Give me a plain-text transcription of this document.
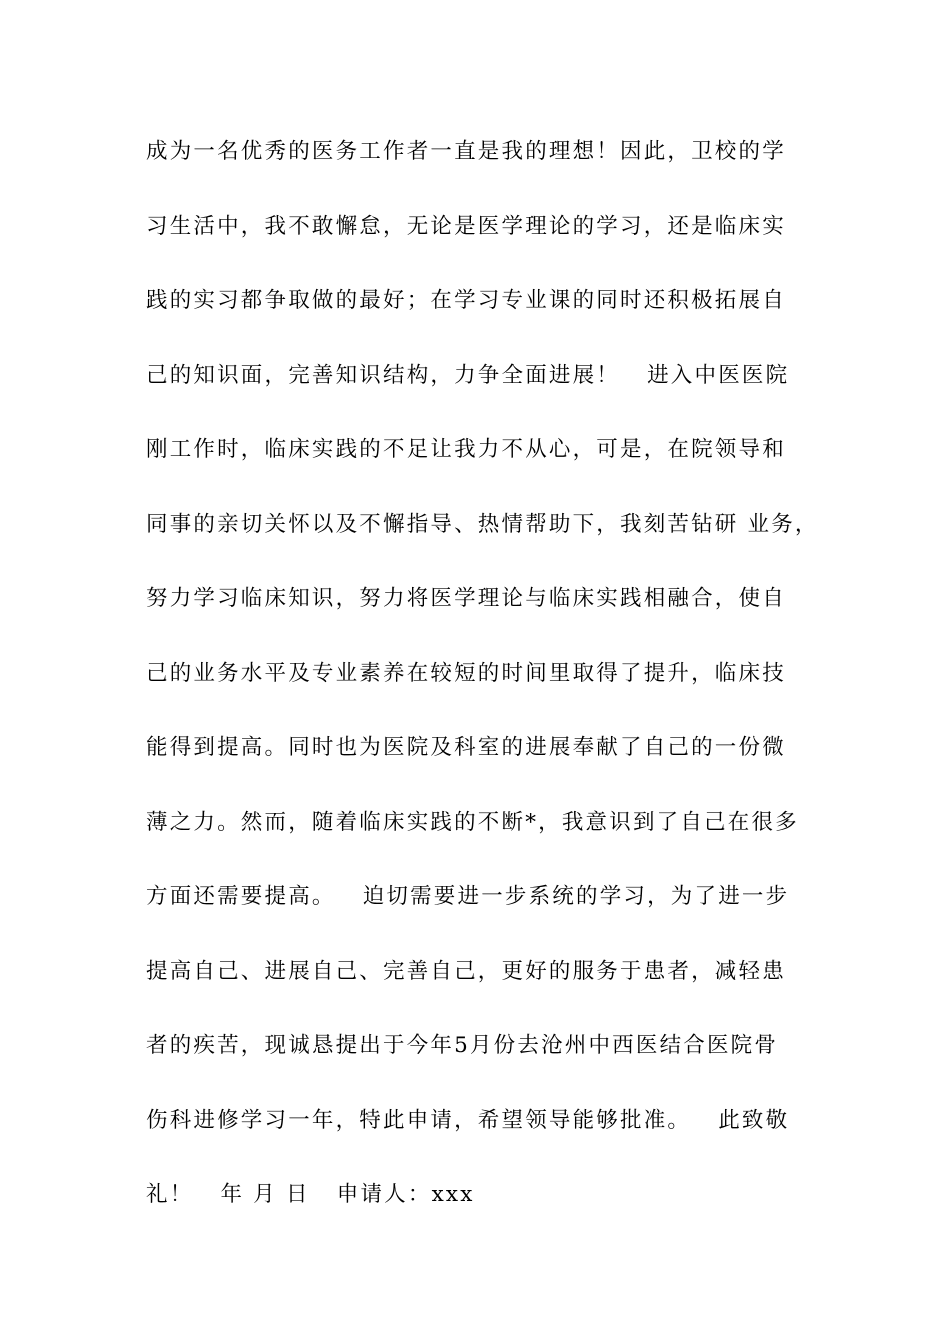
成为一名优秀的医务工作者一直是我的理想！因此，卫校的学
习生活中，我不敢懈怠，无论是医学理论的学习，还是临床实
践的实习都争取做的最好；在学习专业课的同时还积极拓展自
己的知识面，完善知识结构，力争全面进展！   进入中医医院
刚工作时，临床实践的不足让我力不从心，可是，在院领导和
同事的亲切关怀以及不懈指导、热情帮助下，我刻苦钻研 业务，
努力学习临床知识，努力将医学理论与临床实践相融合，使自
己的业务水平及专业素养在较短的时间里取得了提升，临床技
能得到提高。同时也为医院及科室的进展奉献了自己的一份微
薄之力。然而，随着临床实践的不断*，我意识到了自己在很多
方面还需要提高。   迫切需要进一步系统的学习，为了进一步
提高自己、进展自己、完善自己，更好的服务于患者，减轻患
者的疾苦，现诚恳提出于今年5月份去沧州中西医结合医院骨
伤科进修学习一年，特此申请，希望领导能够批准。   此致敬
礼！   年 月 日   申请人：xxx
